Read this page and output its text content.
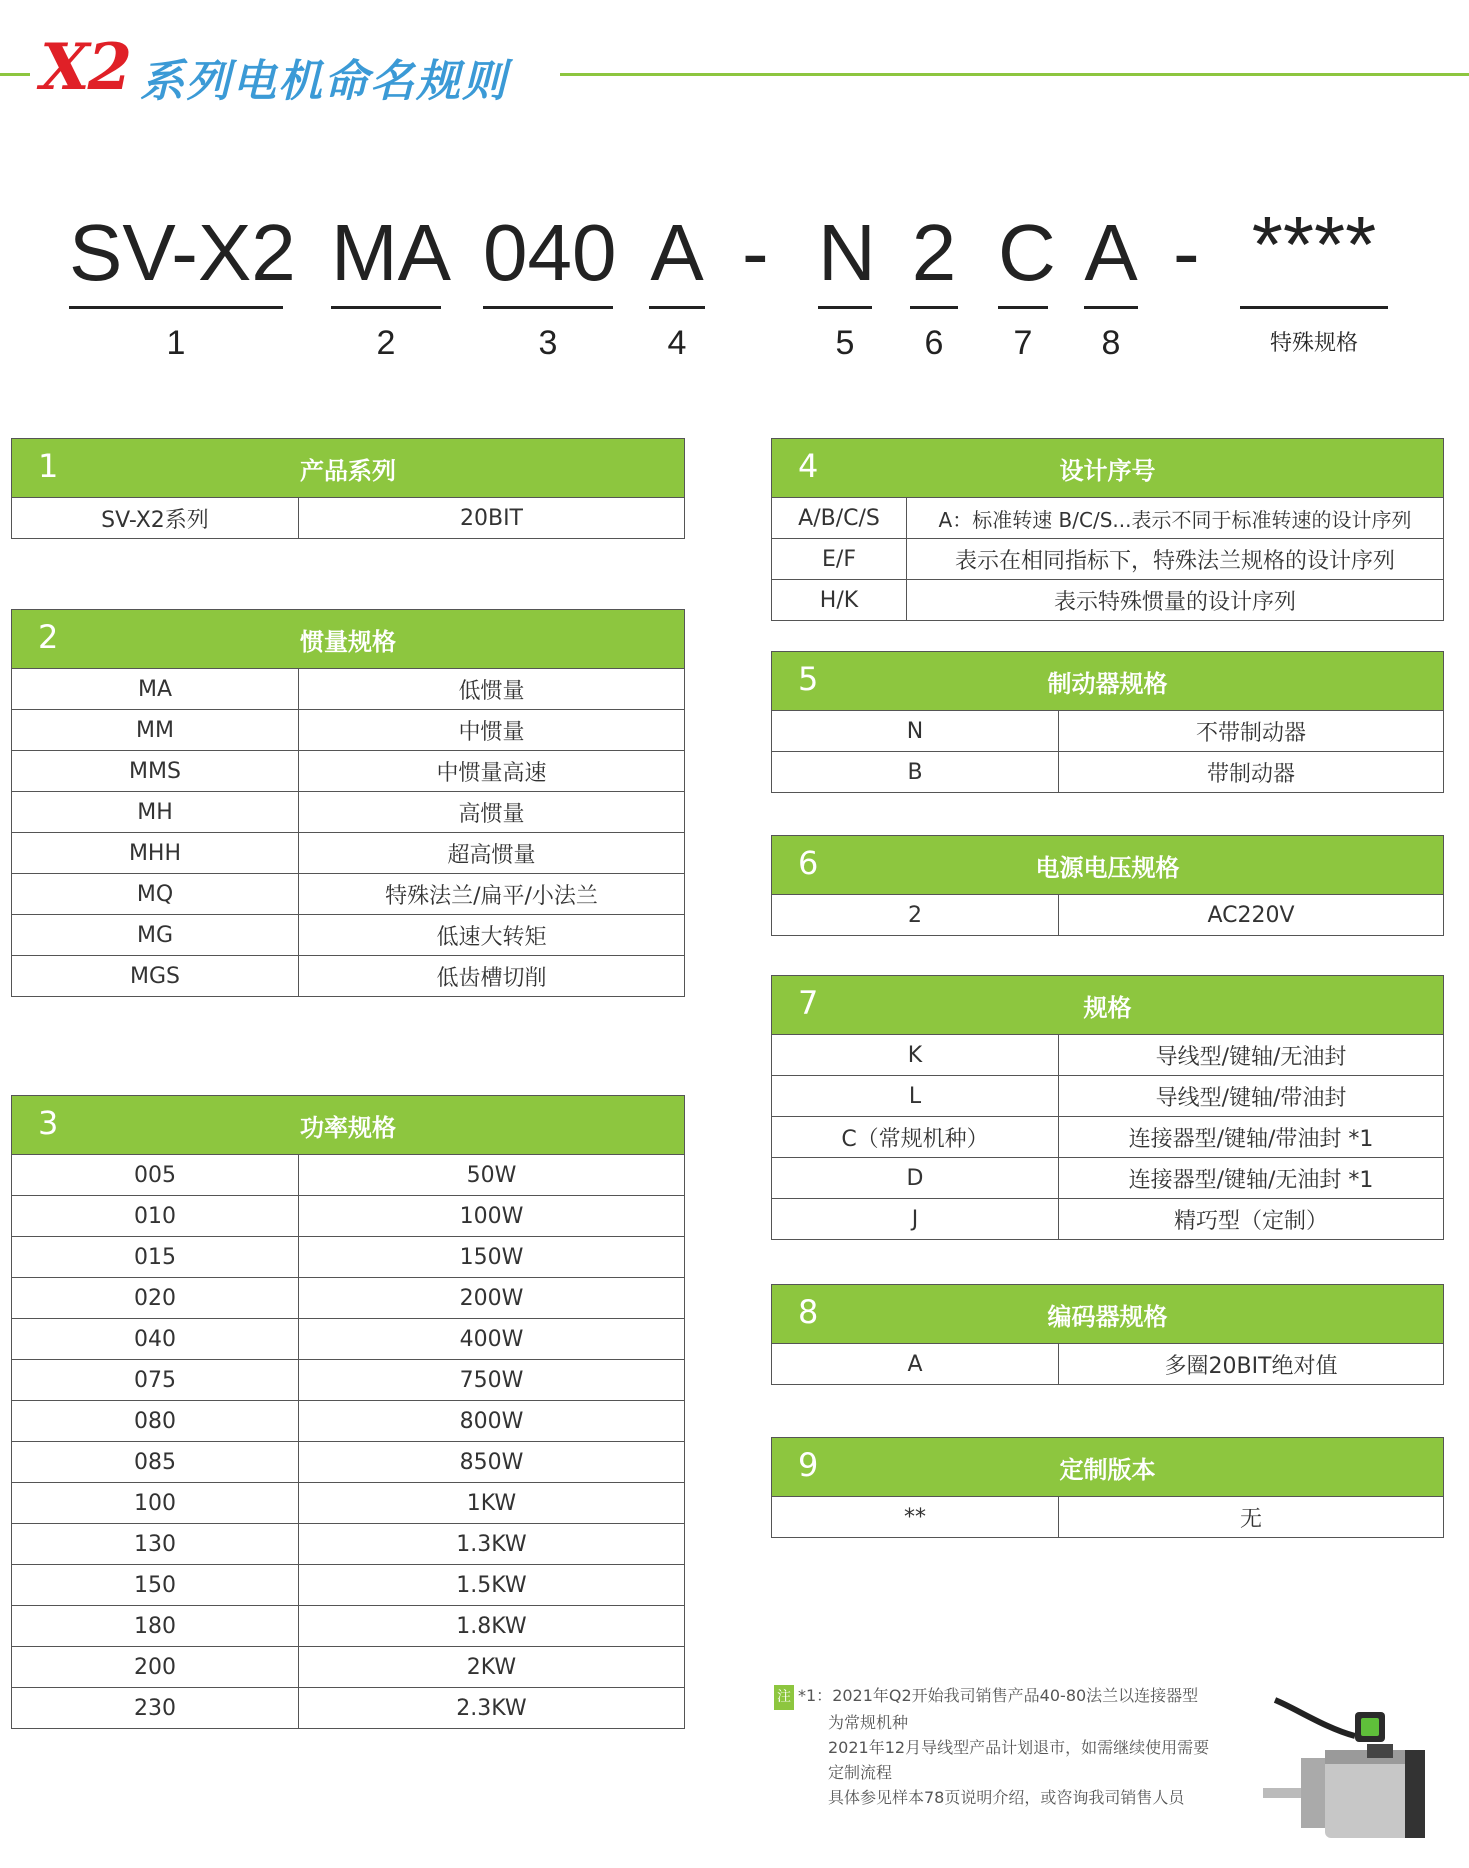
X2 系列电机命名规则
SV-X2 MA 040 A - N 2 C A - ****
1	2	3	4	5	6	7	8	特殊规格
1	产品系列

SV-X2系列	20BIT
2 惯量规格	

MA	低惯量
MM	中惯量
MMS	中惯量高速
MH	高惯量
MHH	超高惯量
MQ	特殊法兰/扁平/小法兰
MG	低速大转矩
MGS	低齿槽切削
3 功率规格	

005	50W
010	100W
015	150W
020	200W
040	400W
075	750W
080	800W
085	850W
100	1KW
130	1.3KW
150	1.5KW
180	1.8KW
200	2KW
230	2.3KW
4 设计序号	

A/B/C/S	A：标准转速 B/C/S...表示不同于标准转速的设计序列
E/F	表示在相同指标下，特殊法兰规格的设计序列
H/K	表示特殊惯量的设计序列
5 制动器规格	

N	不带制动器
B	带制动器
6	电源电压规格

2	AC220V
7 规格	

K	导线型/键轴/无油封
L	导线型/键轴/带油封
C（常规机种）	连接器型/键轴/带油封 *1
D	连接器型/键轴/无油封 *1
J	精巧型（定制）
8	编码器规格

A	多圈20BIT绝对值
9	定制版本

**	无
注 *1：2021年Q2开始我司销售产品40-80法兰以连接器型
为常规机种
2021年12月导线型产品计划退市，如需继续使用需要
定制流程
具体参见样本78页说明介绍，或咨询我司销售人员
